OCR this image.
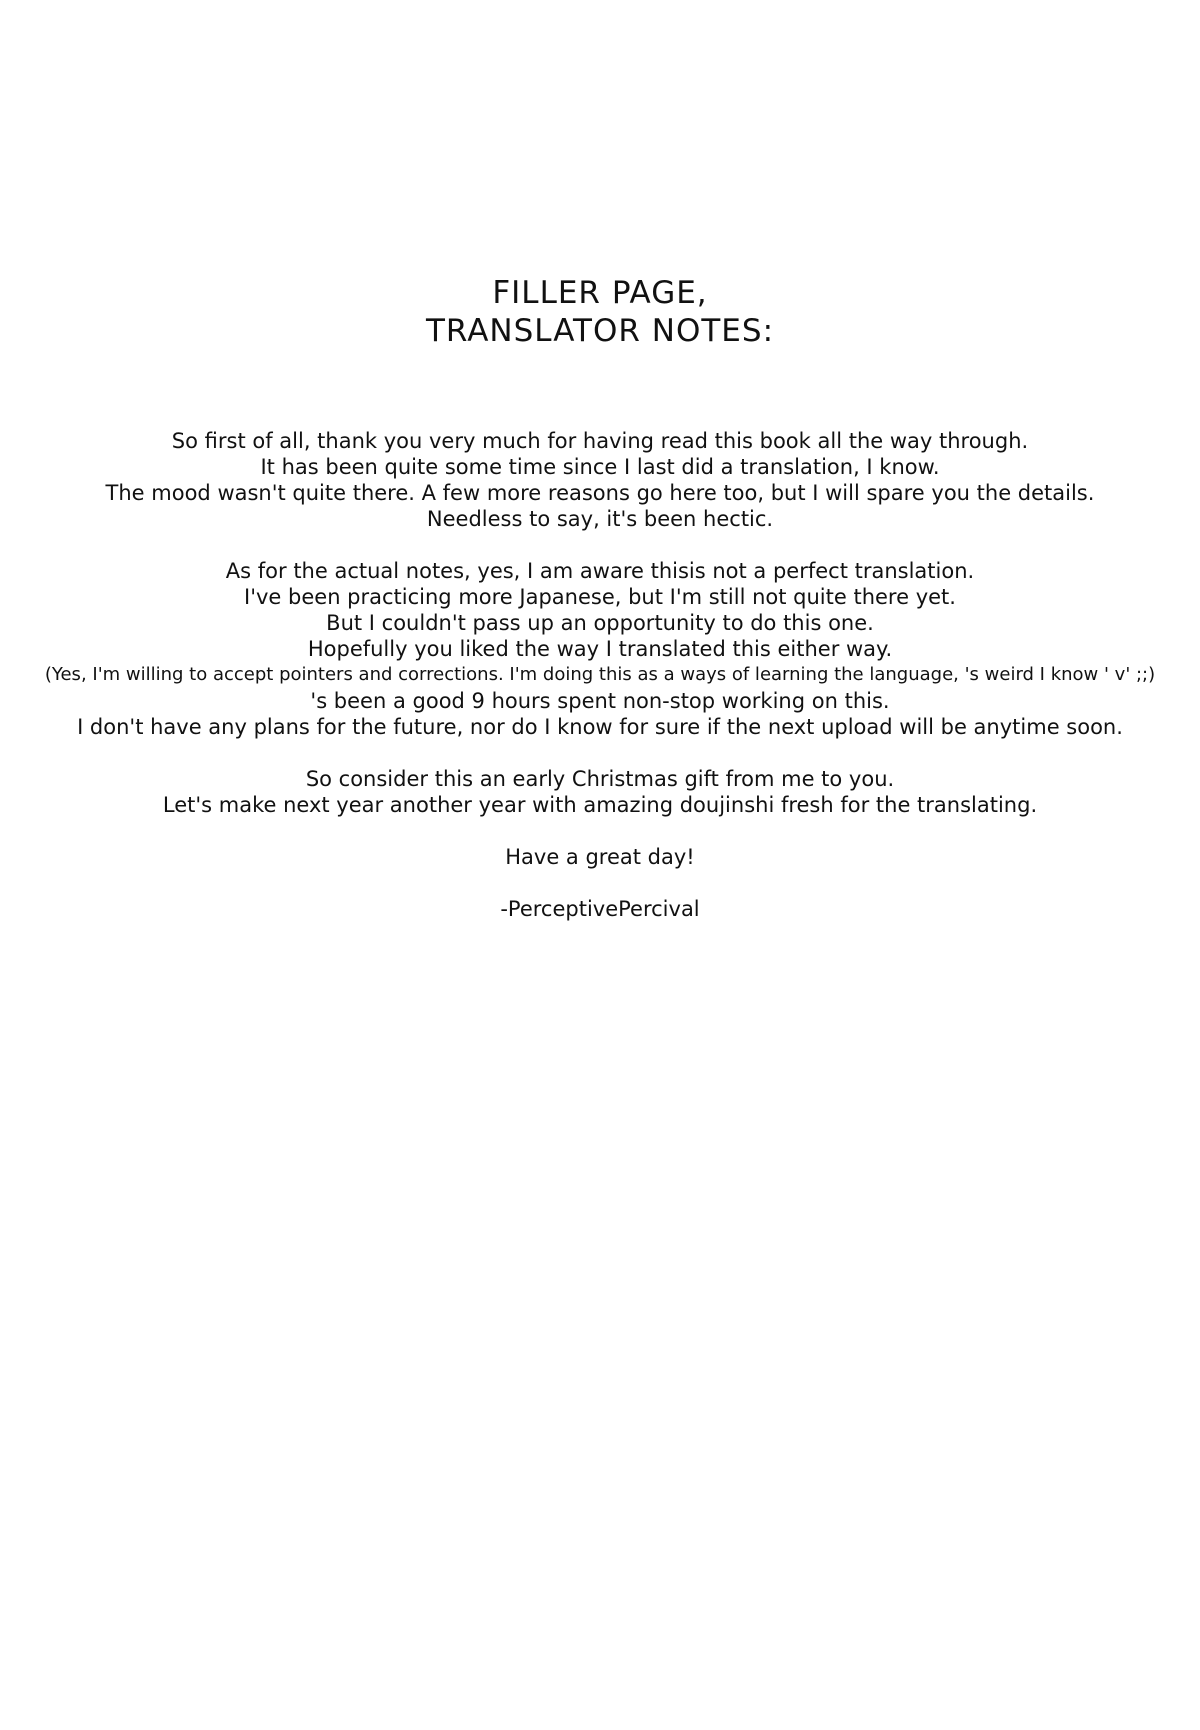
FILLER PAGE,
TRANSLATOR NOTES:
So first of all, thank you very much for having read this book all the way through.
It has been quite some time since I last did a translation, I know.
The mood wasn't quite there. A few more reasons go here too, but I will spare you the details.
Needless to say, it's been hectic.
As for the actual notes, yes, I am aware thisis not a perfect translation.
I've been practicing more Japanese, but I'm still not quite there yet.
But I couldn't pass up an opportunity to do this one.
Hopefully you liked the way I translated this either way.
(Yes, I'm willing to accept pointers and corrections. I'm doing this as a ways of learning the language, 's weird I know ' v' ;;)
's been a good 9 hours spent non-stop working on this.
I don't have any plans for the future, nor do I know for sure if the next upload will be anytime soon.
So consider this an early Christmas gift from me to you.
Let's make next year another year with amazing doujinshi fresh for the translating.
Have a great day!
-PerceptivePercival
